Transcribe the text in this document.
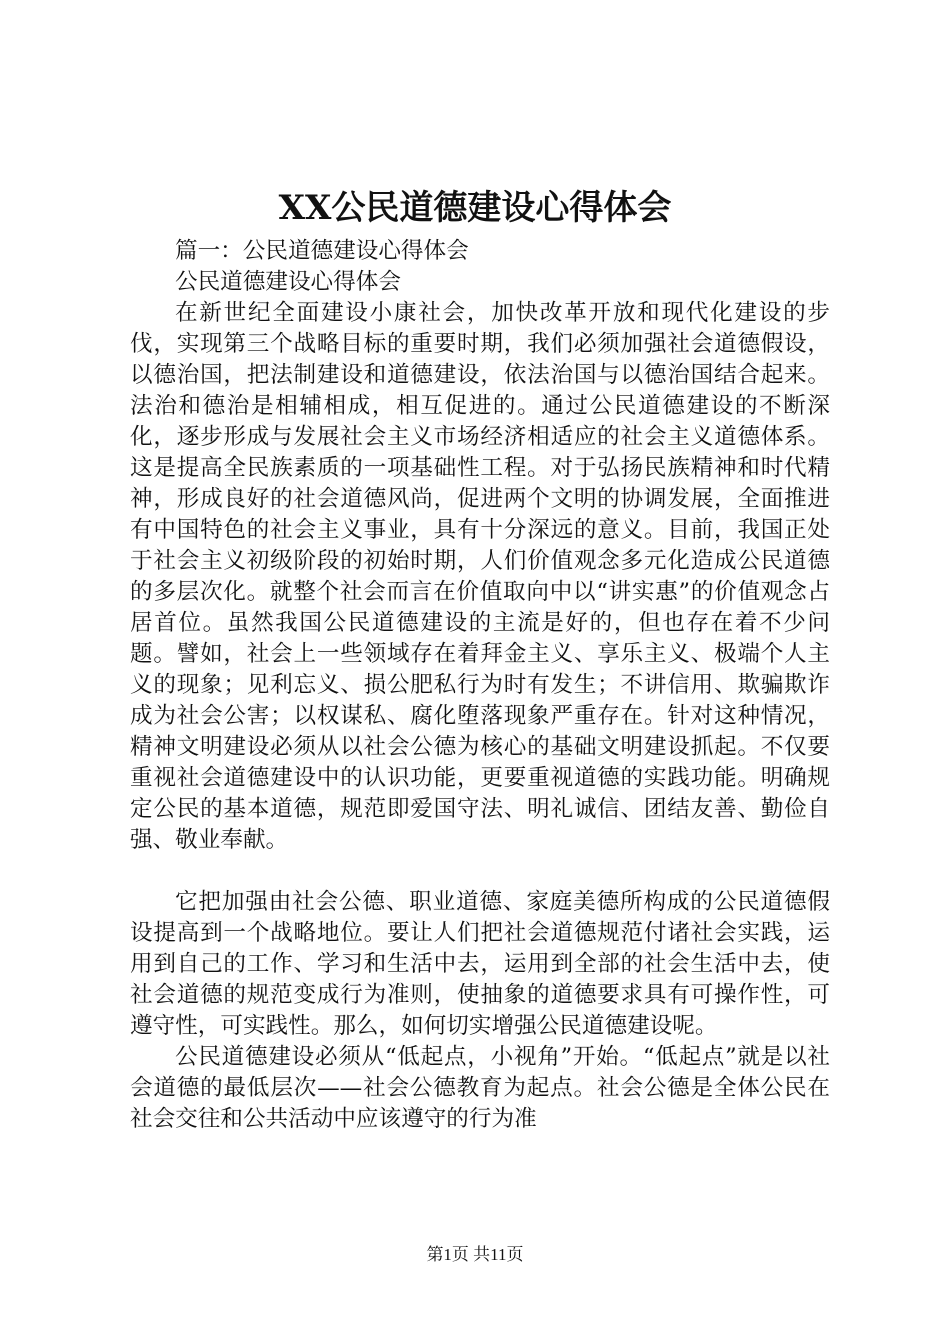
XX公民道德建设心得体会

篇一：公民道德建设心得体会

公民道德建设心得体会

在新世纪全面建设小康社会，加快改革开放和现代化建设的步伐，实现第三个战略目标的重要时期，我们必须加强社会道德假设，以德治国，把法制建设和道德建设，依法治国与以德治国结合起来。法治和德治是相辅相成，相互促进的。通过公民道德建设的不断深化，逐步形成与发展社会主义市场经济相适应的社会主义道德体系。这是提高全民族素质的一项基础性工程。对于弘扬民族精神和时代精神，形成良好的社会道德风尚，促进两个文明的协调发展，全面推进有中国特色的社会主义事业，具有十分深远的意义。目前，我国正处于社会主义初级阶段的初始时期，人们价值观念多元化造成公民道德的多层次化。就整个社会而言在价值取向中以“讲实惠”的价值观念占居首位。虽然我国公民道德建设的主流是好的，但也存在着不少问题。譬如，社会上一些领域存在着拜金主义、享乐主义、极端个人主义的现象；见利忘义、损公肥私行为时有发生；不讲信用、欺骗欺诈成为社会公害；以权谋私、腐化堕落现象严重存在。针对这种情况，精神文明建设必须从以社会公德为核心的基础文明建设抓起。不仅要重视社会道德建设中的认识功能，更要重视道德的实践功能。明确规定公民的基本道德，规范即爱国守法、明礼诚信、团结友善、勤俭自强、敬业奉献。

它把加强由社会公德、职业道德、家庭美德所构成的公民道德假设提高到一个战略地位。要让人们把社会道德规范付诸社会实践，运用到自己的工作、学习和生活中去，运用到全部的社会生活中去，使社会道德的规范变成行为准则，使抽象的道德要求具有可操作性，可遵守性，可实践性。那么，如何切实增强公民道德建设呢。

公民道德建设必须从“低起点，小视角”开始。“低起点”就是以社会道德的最低层次——社会公德教育为起点。社会公德是全体公民在社会交往和公共活动中应该遵守的行为准

第1页 共11页
